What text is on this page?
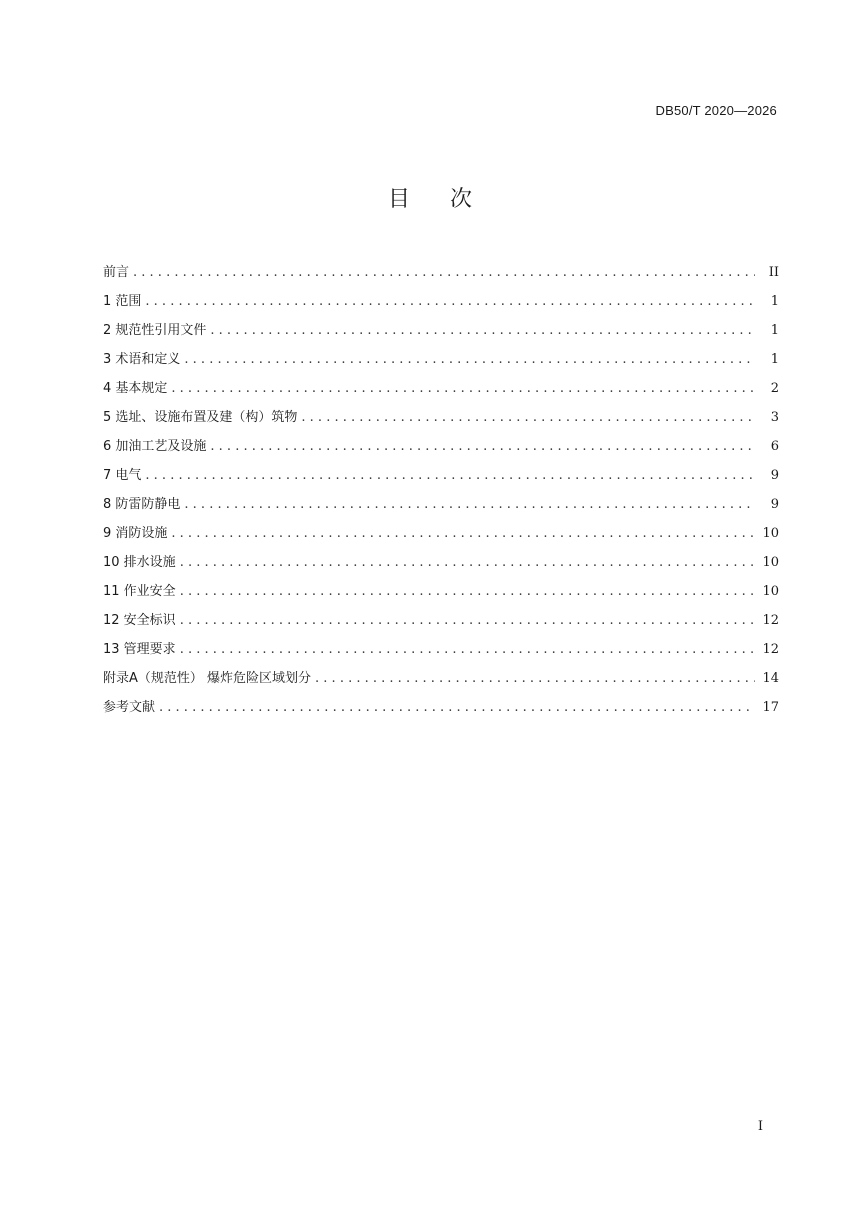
DB50/T 2020—2026
目次
前言 . . .	II
1 范围 . . .	1
2 规范性引用文件 . . .	1
3 术语和定义 . . .	1
4 基本规定 . . .	2
5 选址、设施布置及建（构）筑物 . . .	3
6 加油工艺及设施 . . .	6
7 电气 . . .	9
8 防雷防静电 . . .	9
9 消防设施 . . .	10
10 排水设施 . . .	10
11 作业安全 . . .	10
12 安全标识 . . .	12
13 管理要求 . . .	12
附录A（规范性） 爆炸危险区域划分 . . .	14
参考文献 . . .	17
I
